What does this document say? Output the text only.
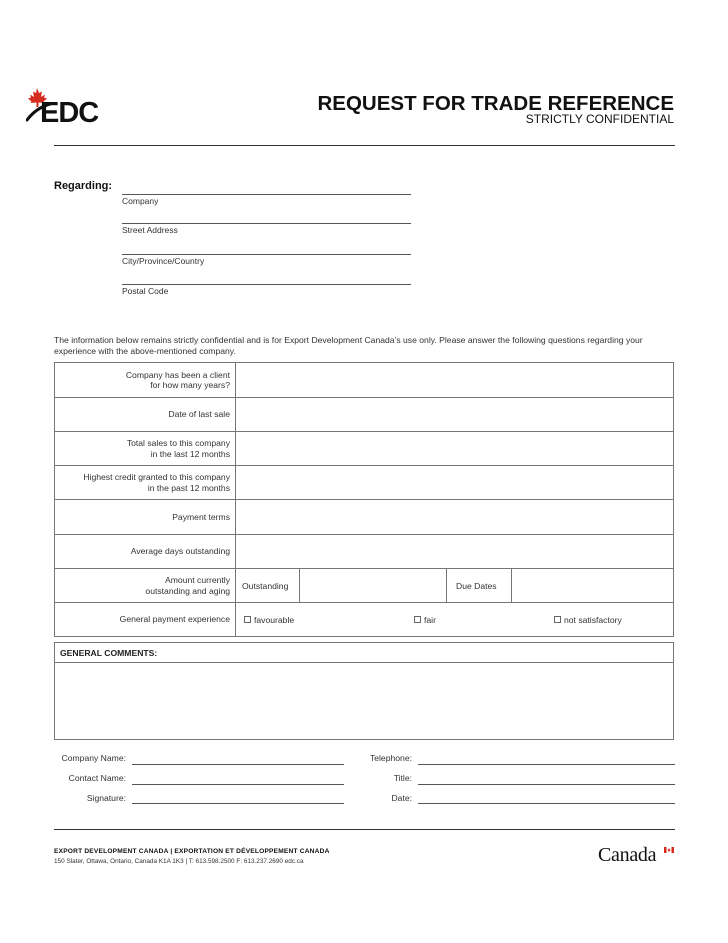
EDC	REQUEST FOR TRADE REFERENCE
STRICTLY CONFIDENTIAL
Regarding:
Company
Street Address
City/Province/Country
Postal Code
The information below remains strictly confidential and is for Export Development Canada’s use only. Please answer the following questions regarding your experience with the above-mentioned company.
Company has been a client
for how many years?
Date of last sale
Total sales to this company
in the last 12 months
Highest credit granted to this company
in the past 12 months
Payment terms
Average days outstanding
Amount currently
outstanding and aging	Outstanding	Due Dates
General payment experience	favourable	fair	not satisfactory
GENERAL COMMENTS:
Company Name:
Contact Name:
Signature:
Telephone:
Title:
Date:
EXPORT DEVELOPMENT CANADA | EXPORTATION ET DÉVELOPPEMENT CANADA
150 Slater, Ottawa, Ontario, Canada K1A 1K3 | T: 613.598.2500 F: 613.237.2690 edc.ca	Canada
